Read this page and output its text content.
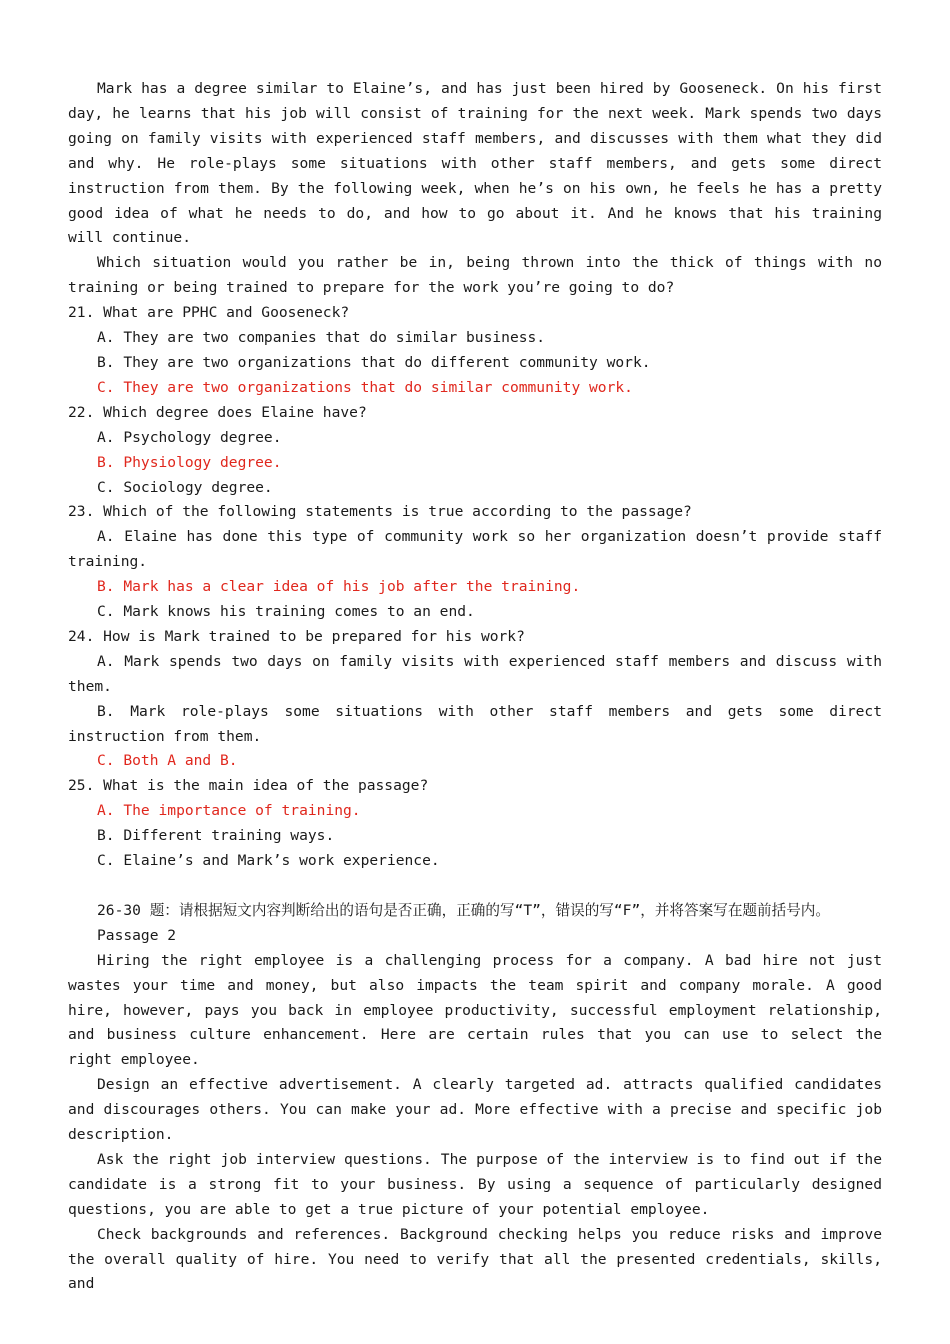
Mark has a degree similar to Elaine’s, and has just been hired by Gooseneck. On his first day, he learns that his job will consist of training for the next week. Mark spends two days going on family visits with experienced staff members, and discusses with them what they did and why. He role-plays some situations with other staff members, and gets some direct instruction from them. By the following week, when he’s on his own, he feels he has a pretty good idea of what he needs to do, and how to go about it. And he knows that his training will continue.

Which situation would you rather be in, being thrown into the thick of things with no training or being trained to prepare for the work you’re going to do?

21. What are PPHC and Gooseneck?

A. They are two companies that do similar business.

B. They are two organizations that do different community work.

C. They are two organizations that do similar community work.

22. Which degree does Elaine have?

A. Psychology degree.

B. Physiology degree.

C. Sociology degree.

23. Which of the following statements is true according to the passage?

A. Elaine has done this type of community work so her organization doesn’t provide staff training.

B. Mark has a clear idea of his job after the training.

C. Mark knows his training comes to an end.

24. How is Mark trained to be prepared for his work?

A. Mark spends two days on family visits with experienced staff members and discuss with them.

B. Mark role-plays some situations with other staff members and gets some direct instruction from them.

C. Both A and B.

25. What is the main idea of the passage?

A. The importance of training.

B. Different training ways.

C. Elaine’s and Mark’s work experience.

26-30 题：请根据短文内容判断给出的语句是否正确，正确的写“T”，错误的写“F”，并将答案写在题前括号内。

Passage 2

Hiring the right employee is a challenging process for a company. A bad hire not just wastes your time and money, but also impacts the team spirit and company morale. A good hire, however, pays you back in employee productivity, successful employment relationship, and business culture enhancement. Here are certain rules that you can use to select the right employee.

Design an effective advertisement. A clearly targeted ad. attracts qualified candidates and discourages others. You can make your ad. More effective with a precise and specific job description.

Ask the right job interview questions. The purpose of the interview is to find out if the candidate is a strong fit to your business. By using a sequence of particularly designed questions, you are able to get a true picture of your potential employee.

Check backgrounds and references. Background checking helps you reduce risks and improve the overall quality of hire. You need to verify that all the presented credentials, skills, and
